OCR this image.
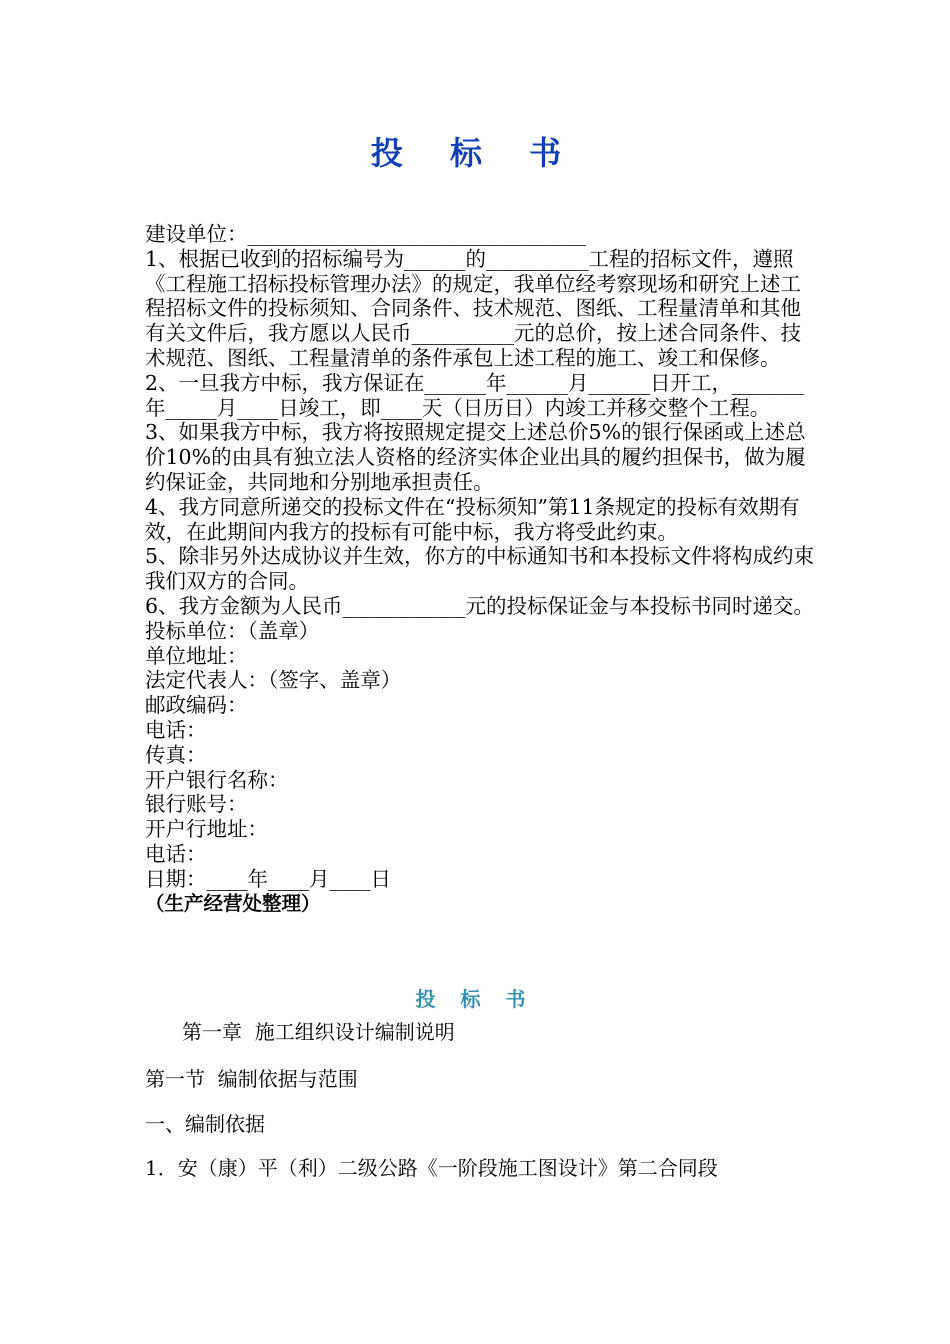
投 标 书

建设单位：_________________________________

1、根据已收到的招标编号为______的__________工程的招标文件，遵照《工程施工招标投标管理办法》的规定，我单位经考察现场和研究上述工程招标文件的投标须知、合同条件、技术规范、图纸、工程量清单和其他有关文件后，我方愿以人民币__________元的总价，按上述合同条件、技术规范、图纸、工程量清单的条件承包上述工程的施工、竣工和保修。

2、一旦我方中标，我方保证在______年______月______日开工，_______年_____月____日竣工，即____天（日历日）内竣工并移交整个工程。

3、如果我方中标，我方将按照规定提交上述总价5%的银行保函或上述总价10%的由具有独立法人资格的经济实体企业出具的履约担保书，做为履约保证金，共同地和分别地承担责任。

4、我方同意所递交的投标文件在“投标须知”第11条规定的投标有效期有效，在此期间内我方的投标有可能中标，我方将受此约束。

5、除非另外达成协议并生效，你方的中标通知书和本投标文件将构成约束我们双方的合同。

6、我方金额为人民币____________元的投标保证金与本投标书同时递交。

投标单位：（盖章）

单位地址：

法定代表人：（签字、盖章）

邮政编码：

电话：

传真：

开户银行名称：

银行账号：

开户行地址：

电话：

日期：____年____月____日

（生产经营处整理）

投 标 书
第一章  施工组织设计编制说明
第一节  编制依据与范围
一、编制依据
1．安（康）平（利）二级公路《一阶段施工图设计》第二合同段
